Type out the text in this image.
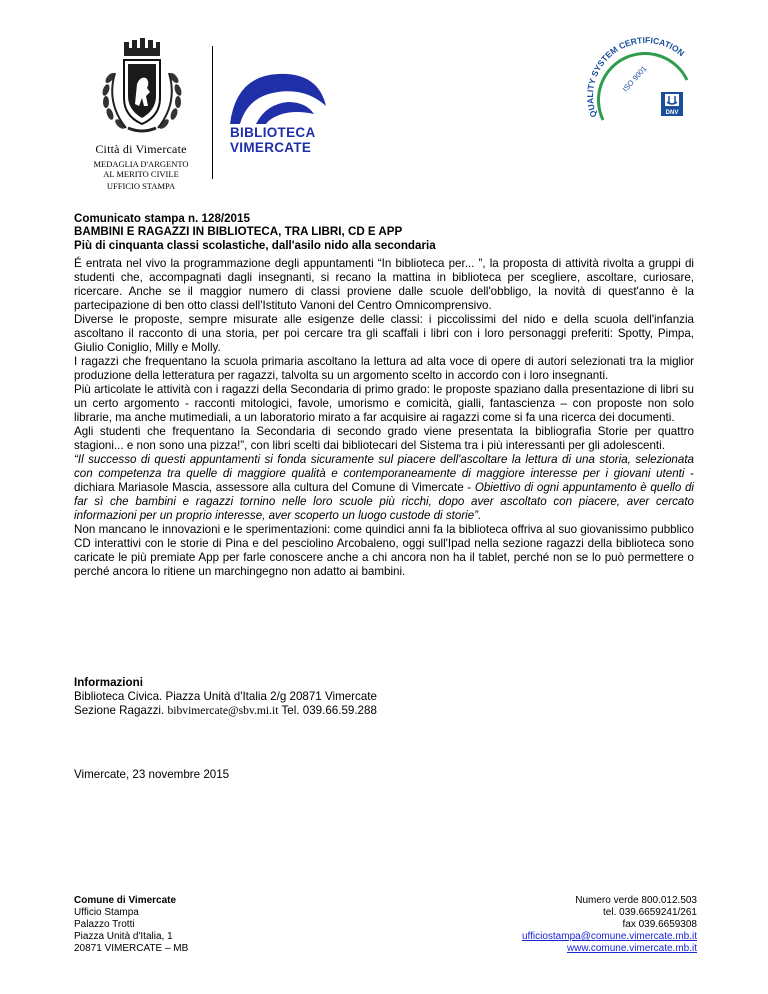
Città di Vimercate
MEDAGLIA D'ARGENTO
AL MERITO CIVILE
UFFICIO STAMPA
BIBLIOTECA
VIMERCATE
QUALITY SYSTEM CERTIFICATION
ISO 9001
DNV
Comunicato stampa n. 128/2015
BAMBINI E RAGAZZI IN BIBLIOTECA, TRA LIBRI, CD E APP
Più di cinquanta classi scolastiche, dall'asilo nido alla secondaria

É entrata nel vivo la programmazione degli appuntamenti “In biblioteca per... ”, la proposta di attività rivolta a gruppi di studenti che, accompagnati dagli insegnanti, si recano la mattina in biblioteca per scegliere, ascoltare, curiosare, ricercare. Anche se il maggior numero di classi proviene dalle scuole dell'obbligo, la novità di quest'anno è la partecipazione di ben otto classi dell'Istituto Vanoni del Centro Omnicomprensivo.

Diverse le proposte, sempre misurate alle esigenze delle classi: i piccolissimi del nido e della scuola dell'infanzia ascoltano il racconto di una storia, per poi cercare tra gli scaffali i libri con i loro personaggi preferiti: Spotty, Pimpa, Giulio Coniglio, Milly e Molly.

I ragazzi che frequentano la scuola primaria ascoltano la lettura ad alta voce di opere di autori selezionati tra la miglior produzione della letteratura per ragazzi, talvolta su un argomento scelto in accordo con i loro insegnanti.

Più articolate le attività con i ragazzi della Secondaria di primo grado: le proposte spaziano dalla presentazione di libri su un certo argomento - racconti mitologici, favole, umorismo e comicità, gialli, fantascienza – con proposte non solo librarie, ma anche mutimediali, a un laboratorio mirato a far acquisire ai ragazzi come si fa una ricerca dei documenti.

Agli studenti che frequentano la Secondaria di secondo grado viene presentata la bibliografia Storie per quattro stagioni... e non sono una pizza!”, con libri scelti dai bibliotecari del Sistema tra i più interessanti per gli adolescenti.

“Il successo di questi appuntamenti si fonda sicuramente sul piacere dell'ascoltare la lettura di una storia, selezionata con competenza tra quelle di maggiore qualità e contemporaneamente di maggiore interesse per i giovani utenti - dichiara Mariasole Mascia, assessore alla cultura del Comune di Vimercate - Obiettivo di ogni appuntamento è quello di far sì che bambini e ragazzi tornino nelle loro scuole più ricchi, dopo aver ascoltato con piacere, aver cercato informazioni per un proprio interesse, aver scoperto un luogo custode di storie”.

Non mancano le innovazioni e le sperimentazioni: come quindici anni fa la biblioteca offriva al suo giovanissimo pubblico CD interattivi con le storie di Pina e del pesciolino Arcobaleno, oggi sull'Ipad nella sezione ragazzi della biblioteca sono caricate le più premiate App per farle conoscere anche a chi ancora non ha il tablet, perché non se lo può permettere o perché ancora lo ritiene un marchingegno non adatto ai bambini.

Informazioni
Biblioteca Civica. Piazza Unità d'Italia 2/g 20871 Vimercate
Sezione Ragazzi. bibvimercate@sbv.mi.it Tel. 039.66.59.288
Vimercate, 23 novembre 2015
Comune di Vimercate
Ufficio Stampa
Palazzo Trotti
Piazza Unità d'Italia, 1
20871 VIMERCATE – MB
Numero verde 800.012.503
tel. 039.6659241/261
fax 039.6659308
ufficiostampa@comune.vimercate.mb.it
www.comune.vimercate.mb.it
